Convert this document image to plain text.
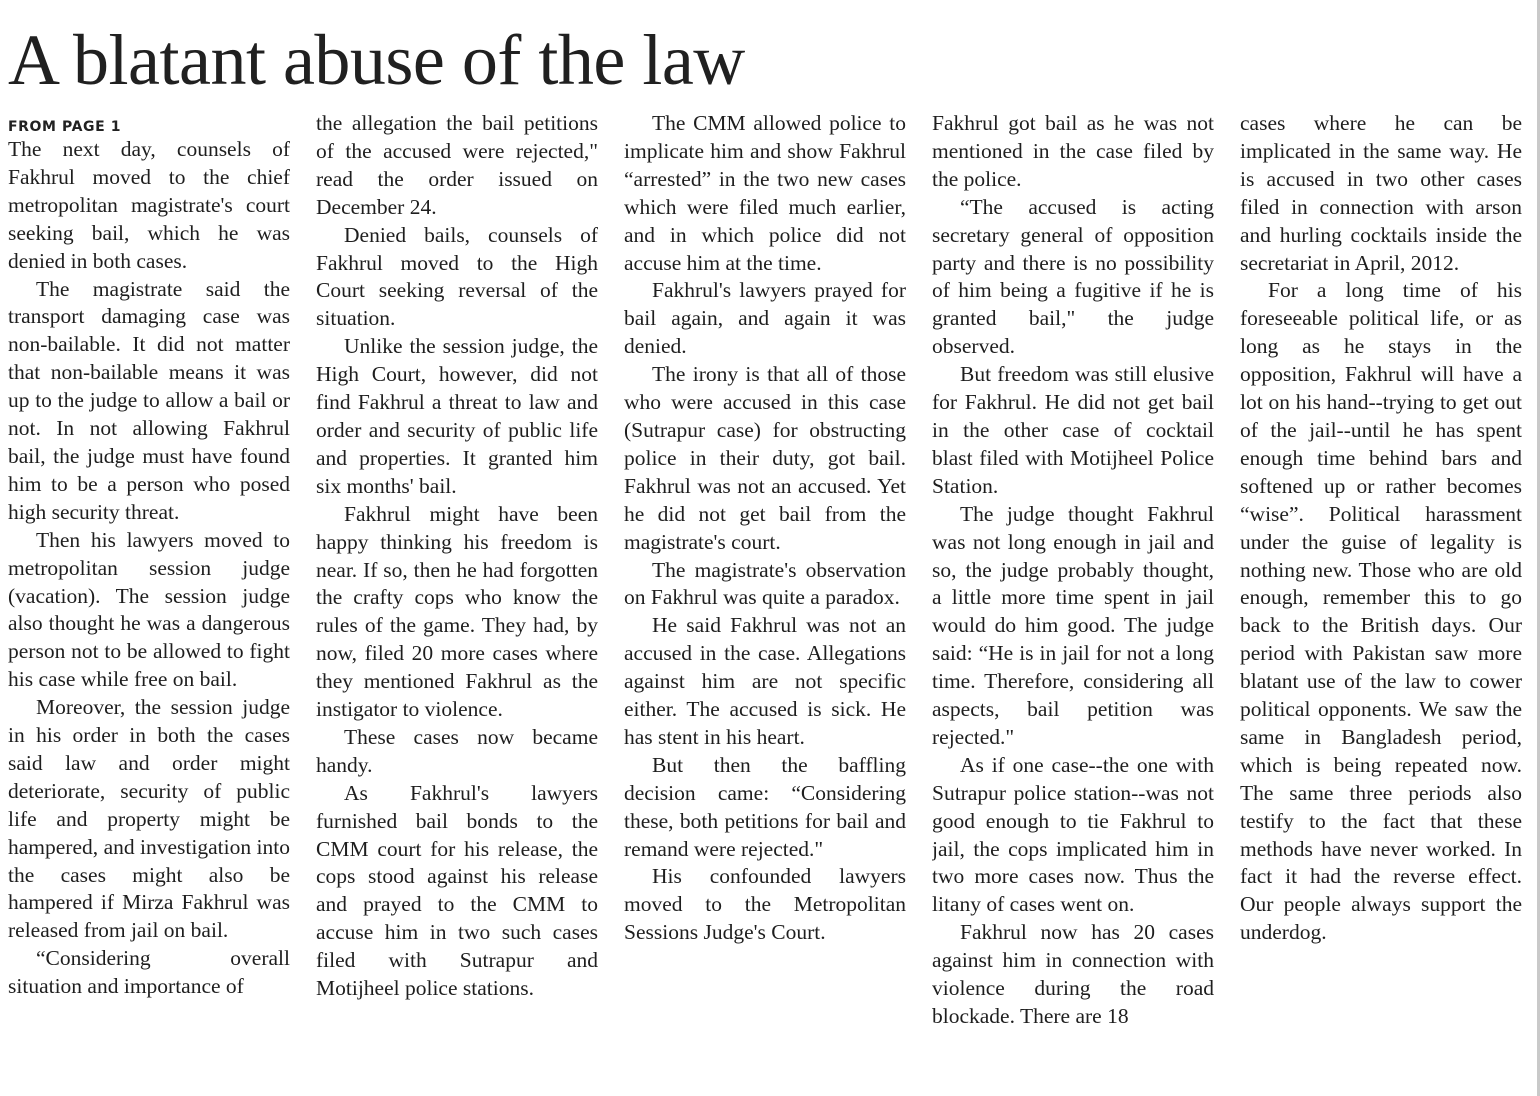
A blatant abuse of the law
FROM PAGE 1

The next day, counsels of Fakhrul moved to the chief metropolitan magistrate's court seeking bail, which he was denied in both cases.

The magistrate said the transport damaging case was non-bailable. It did not matter that non-bailable means it was up to the judge to allow a bail or not. In not allowing Fakhrul bail, the judge must have found him to be a person who posed high security threat.

Then his lawyers moved to metropolitan session judge (vacation). The session judge also thought he was a dangerous person not to be allowed to fight his case while free on bail.

Moreover, the session judge in his order in both the cases said law and order might deteriorate, security of public life and property might be hampered, and investigation into the cases might also be hampered if Mirza Fakhrul was released from jail on bail.

“Considering overall situation and importance of

the allegation the bail petitions of the accused were rejected," read the order issued on December 24.

Denied bails, counsels of Fakhrul moved to the High Court seeking reversal of the situation.

Unlike the session judge, the High Court, however, did not find Fakhrul a threat to law and order and security of public life and properties. It granted him six months' bail.

Fakhrul might have been happy thinking his freedom is near. If so, then he had forgotten the crafty cops who know the rules of the game. They had, by now, filed 20 more cases where they mentioned Fakhrul as the instigator to violence.

These cases now became handy.

As Fakhrul's lawyers furnished bail bonds to the CMM court for his release, the cops stood against his release and prayed to the CMM to accuse him in two such cases filed with Sutrapur and Motijheel police stations.

The CMM allowed police to implicate him and show Fakhrul “arrested” in the two new cases which were filed much earlier, and in which police did not accuse him at the time.

Fakhrul's lawyers prayed for bail again, and again it was denied.

The irony is that all of those who were accused in this case (Sutrapur case) for obstructing police in their duty, got bail. Fakhrul was not an accused. Yet he did not get bail from the magistrate's court.

The magistrate's observation on Fakhrul was quite a paradox.

He said Fakhrul was not an accused in the case. Allegations against him are not specific either. The accused is sick. He has stent in his heart.

But then the baffling decision came: “Considering these, both petitions for bail and remand were rejected."

His confounded lawyers moved to the Metropolitan Sessions Judge's Court.

Fakhrul got bail as he was not mentioned in the case filed by the police.

“The accused is acting secretary general of opposition party and there is no possibility of him being a fugitive if he is granted bail," the judge observed.

But freedom was still elusive for Fakhrul. He did not get bail in the other case of cocktail blast filed with Motijheel Police Station.

The judge thought Fakhrul was not long enough in jail and so, the judge probably thought, a little more time spent in jail would do him good. The judge said: “He is in jail for not a long time. Therefore, considering all aspects, bail petition was rejected."

As if one case--the one with Sutrapur police station--was not good enough to tie Fakhrul to jail, the cops implicated him in two more cases now. Thus the litany of cases went on.

Fakhrul now has 20 cases against him in connection with violence during the road blockade. There are 18

cases where he can be implicated in the same way. He is accused in two other cases filed in connection with arson and hurling cocktails inside the secretariat in April, 2012.

For a long time of his foreseeable political life, or as long as he stays in the opposition, Fakhrul will have a lot on his hand--trying to get out of the jail--until he has spent enough time behind bars and softened up or rather becomes “wise”. Political harassment under the guise of legality is nothing new. Those who are old enough, remember this to go back to the British days. Our period with Pakistan saw more blatant use of the law to cower political opponents. We saw the same in Bangladesh period, which is being repeated now. The same three periods also testify to the fact that these methods have never worked. In fact it had the reverse effect. Our people always support the underdog.
